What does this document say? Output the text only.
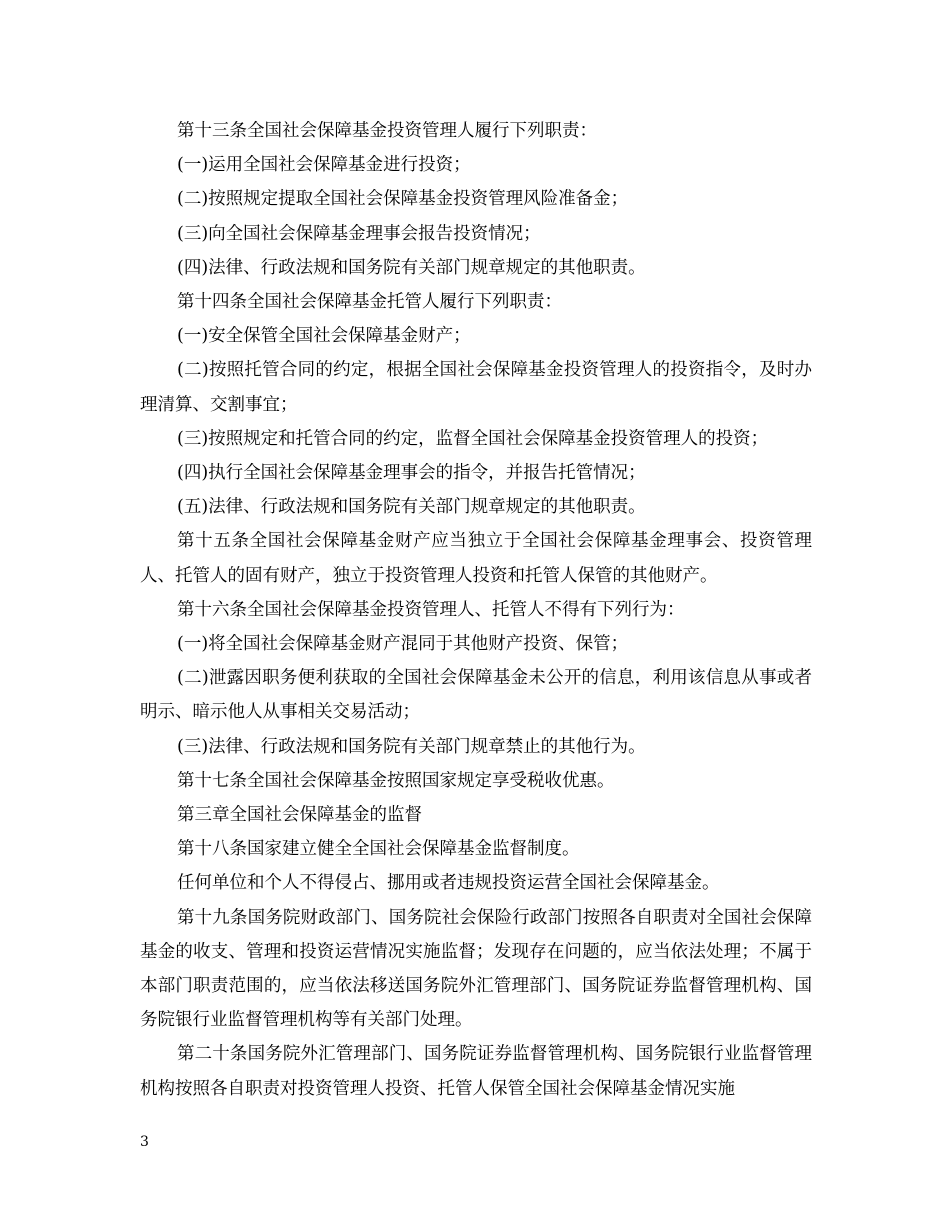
第十三条全国社会保障基金投资管理人履行下列职责：

(一)运用全国社会保障基金进行投资；

(二)按照规定提取全国社会保障基金投资管理风险准备金；

(三)向全国社会保障基金理事会报告投资情况；

(四)法律、行政法规和国务院有关部门规章规定的其他职责。

第十四条全国社会保障基金托管人履行下列职责：

(一)安全保管全国社会保障基金财产；

(二)按照托管合同的约定，根据全国社会保障基金投资管理人的投资指令，及时办理清算、交割事宜；

(三)按照规定和托管合同的约定，监督全国社会保障基金投资管理人的投资；

(四)执行全国社会保障基金理事会的指令，并报告托管情况；

(五)法律、行政法规和国务院有关部门规章规定的其他职责。

第十五条全国社会保障基金财产应当独立于全国社会保障基金理事会、投资管理人、托管人的固有财产，独立于投资管理人投资和托管人保管的其他财产。

第十六条全国社会保障基金投资管理人、托管人不得有下列行为：

(一)将全国社会保障基金财产混同于其他财产投资、保管；

(二)泄露因职务便利获取的全国社会保障基金未公开的信息，利用该信息从事或者明示、暗示他人从事相关交易活动；

(三)法律、行政法规和国务院有关部门规章禁止的其他行为。

第十七条全国社会保障基金按照国家规定享受税收优惠。

第三章全国社会保障基金的监督

第十八条国家建立健全全国社会保障基金监督制度。

任何单位和个人不得侵占、挪用或者违规投资运营全国社会保障基金。

第十九条国务院财政部门、国务院社会保险行政部门按照各自职责对全国社会保障基金的收支、管理和投资运营情况实施监督；发现存在问题的，应当依法处理；不属于本部门职责范围的，应当依法移送国务院外汇管理部门、国务院证券监督管理机构、国务院银行业监督管理机构等有关部门处理。

第二十条国务院外汇管理部门、国务院证券监督管理机构、国务院银行业监督管理机构按照各自职责对投资管理人投资、托管人保管全国社会保障基金情况实施

3
